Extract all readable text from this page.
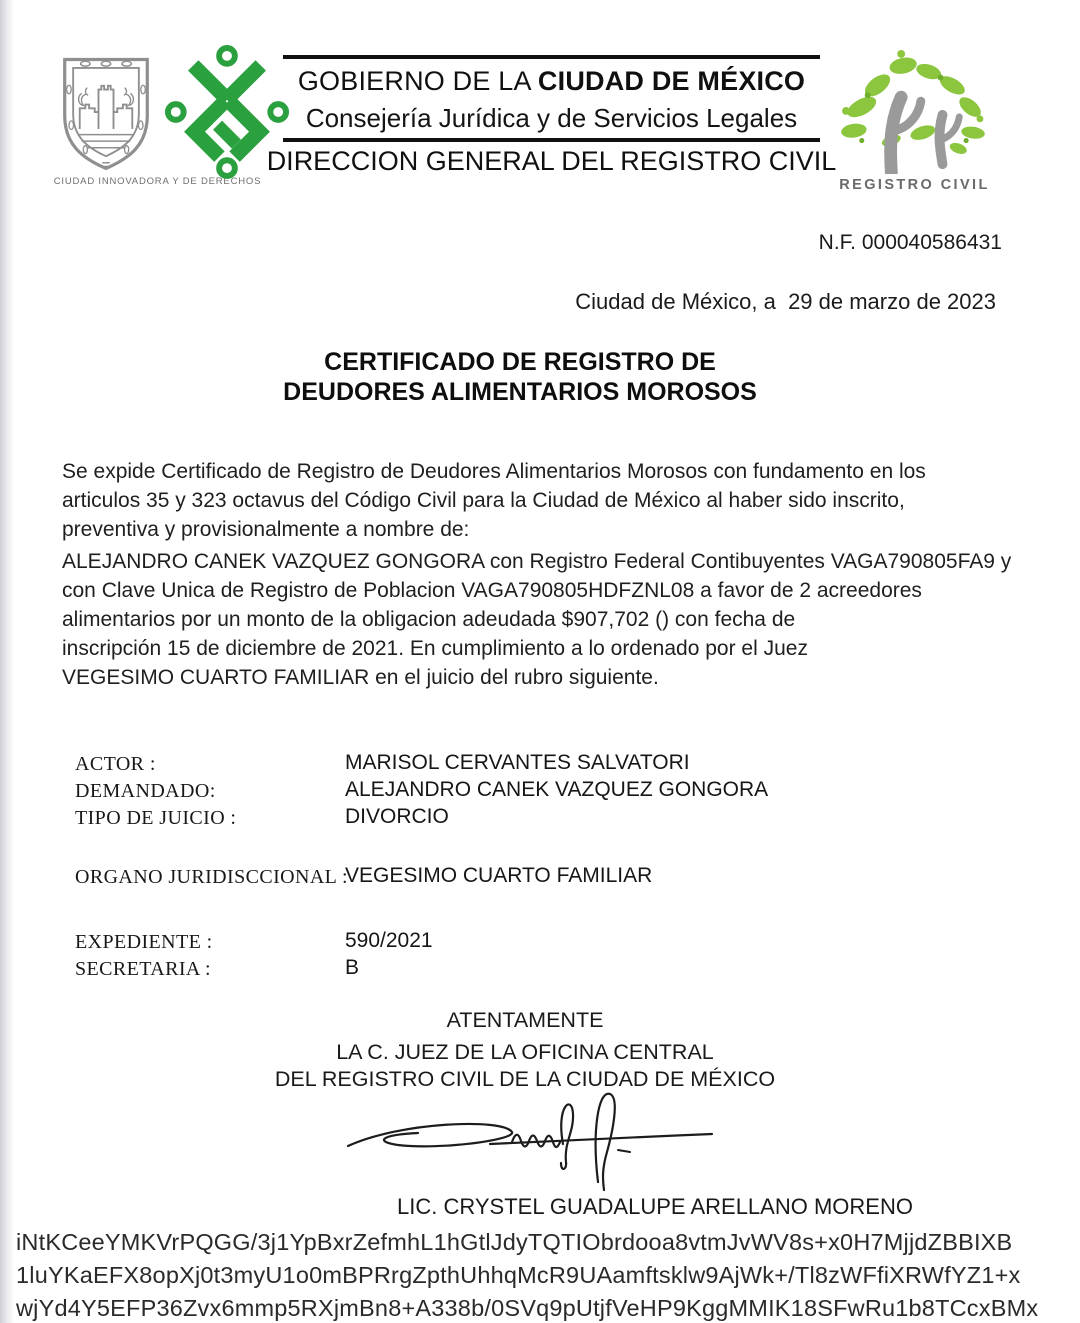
CIUDAD INNOVADORA Y DE DERECHOS
GOBIERNO DE LA CIUDAD DE MÉXICO
Consejería Jurídica y de Servicios Legales
DIRECCION GENERAL DEL REGISTRO CIVIL
REGISTRO CIVIL
N.F. 000040586431
Ciudad de México, a  29 de marzo de 2023
CERTIFICADO DE REGISTRO DE
DEUDORES ALIMENTARIOS MOROSOS
Se expide Certificado de Registro de Deudores Alimentarios Morosos con fundamento en los
articulos 35 y 323 octavus del Código Civil para la Ciudad de México al haber sido inscrito,
preventiva y provisionalmente a nombre de:
ALEJANDRO CANEK VAZQUEZ GONGORA con Registro Federal Contibuyentes VAGA790805FA9 y
con Clave Unica de Registro de Poblacion VAGA790805HDFZNL08 a favor de 2 acreedores
alimentarios por un monto de la obligacion adeudada $907,702 () con fecha de
inscripción 15 de diciembre de 2021. En cumplimiento a lo ordenado por el Juez
VEGESIMO CUARTO FAMILIAR en el juicio del rubro siguiente.
ACTOR :	MARISOL CERVANTES SALVATORI
DEMANDADO:	ALEJANDRO CANEK VAZQUEZ GONGORA
TIPO DE JUICIO :	DIVORCIO
ORGANO JURIDISCCIONAL :
VEGESIMO CUARTO FAMILIAR
EXPEDIENTE :	590/2021
SECRETARIA :	B
ATENTAMENTE
LA C. JUEZ DE LA OFICINA CENTRAL
DEL REGISTRO CIVIL DE LA CIUDAD DE MÉXICO
LIC. CRYSTEL GUADALUPE ARELLANO MORENO
iNtKCeeYMKVrPQGG/3j1YpBxrZefmhL1hGtlJdyTQTIObrdooa8vtmJvWV8s+x0H7MjjdZBBIXB
1luYKaEFX8opXj0t3myU1o0mBPRrgZpthUhhqMcR9UAamftsklw9AjWk+/Tl8zWFfiXRWfYZ1+x
wjYd4Y5EFP36Zvx6mmp5RXjmBn8+A338b/0SVq9pUtjfVeHP9KggMMIK18SFwRu1b8TCcxBMx
